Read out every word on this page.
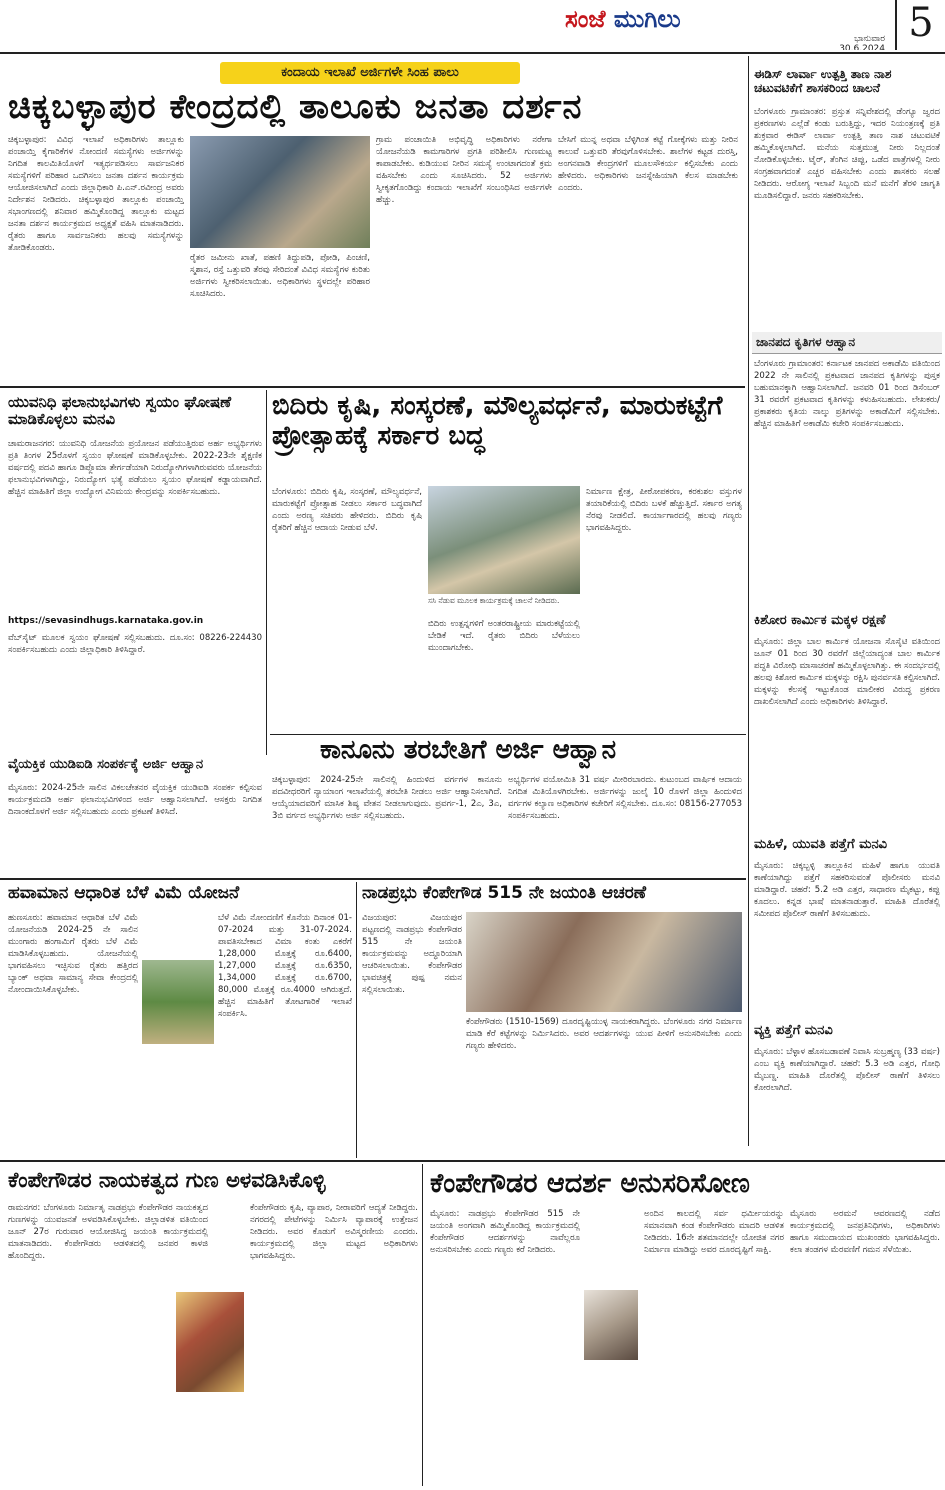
ಸಂಜೆ ಮುಗಿಲು
ಭಾನುವಾರ
30.6.2024
5
ಕಂದಾಯ ಇಲಾಖೆ ಅರ್ಜಿಗಳೇ ಸಿಂಹ ಪಾಲು
ಚಿಕ್ಕಬಳ್ಳಾಪುರ ಕೇಂದ್ರದಲ್ಲಿ ತಾಲೂಕು ಜನತಾ ದರ್ಶನ
ಚಿಕ್ಕಬಳ್ಳಾಪುರ: ವಿವಿಧ ಇಲಾಖೆ ಅಧಿಕಾರಿಗಳು ತಾಲ್ಲೂಕು ಪಂಚಾಯ್ತಿ ಕೈಗಾರಿಕೆಗಳ ನೋಂದಣಿ ಸಮಸ್ಯೆಗಳು ಅರ್ಜಿಗಳನ್ನು ನಿಗದಿತ ಕಾಲಮಿತಿಯೊಳಗೆ ಇತ್ಯರ್ಥಪಡಿಸಲು ಸಾರ್ವಜನಿಕರ ಸಮಸ್ಯೆಗಳಿಗೆ ಪರಿಹಾರ ಒದಗಿಸಲು ಜನತಾ ದರ್ಶನ ಕಾರ್ಯಕ್ರಮ ಆಯೋಜಿಸಲಾಗಿದೆ ಎಂದು ಜಿಲ್ಲಾಧಿಕಾರಿ ಪಿ.ಎನ್.ರವೀಂದ್ರ ಅವರು ನಿರ್ದೇಶನ ನೀಡಿದರು. ಚಿಕ್ಕಬಳ್ಳಾಪುರ ತಾಲ್ಲೂಕು ಪಂಚಾಯ್ತಿ ಸಭಾಂಗಣದಲ್ಲಿ ಶನಿವಾರ ಹಮ್ಮಿಕೊಂಡಿದ್ದ ತಾಲ್ಲೂಕು ಮಟ್ಟದ ಜನತಾ ದರ್ಶನ ಕಾರ್ಯಕ್ರಮದ ಅಧ್ಯಕ್ಷತೆ ವಹಿಸಿ ಮಾತನಾಡಿದರು. ರೈತರು ಹಾಗೂ ಸಾರ್ವಜನಿಕರು ಹಲವು ಸಮಸ್ಯೆಗಳನ್ನು ತೋಡಿಕೊಂಡರು.
ರೈತರ ಜಮೀನು ಖಾತೆ, ಪಹಣಿ ತಿದ್ದುಪಡಿ, ಪೋಡಿ, ಪಿಂಚಣಿ, ಸ್ಮಶಾನ, ರಸ್ತೆ ಒತ್ತುವರಿ ತೆರವು ಸೇರಿದಂತೆ ವಿವಿಧ ಸಮಸ್ಯೆಗಳ ಕುರಿತು ಅರ್ಜಿಗಳು ಸ್ವೀಕರಿಸಲಾಯಿತು. ಅಧಿಕಾರಿಗಳು ಸ್ಥಳದಲ್ಲೇ ಪರಿಹಾರ ಸೂಚಿಸಿದರು.
ಗ್ರಾಮ ಪಂಚಾಯಿತಿ ಅಭಿವೃದ್ಧಿ ಅಧಿಕಾರಿಗಳು ನರೇಗಾ ಯೋಜನೆಯಡಿ ಕಾಮಗಾರಿಗಳ ಪ್ರಗತಿ ಪರಿಶೀಲಿಸಿ ಗುಣಮಟ್ಟ ಕಾಪಾಡಬೇಕು. ಕುಡಿಯುವ ನೀರಿನ ಸಮಸ್ಯೆ ಉಂಟಾಗದಂತೆ ಕ್ರಮ ವಹಿಸಬೇಕು ಎಂದು ಸೂಚಿಸಿದರು. 52 ಅರ್ಜಿಗಳು ಸ್ವೀಕೃತಗೊಂಡಿದ್ದು ಕಂದಾಯ ಇಲಾಖೆಗೆ ಸಂಬಂಧಿಸಿದ ಅರ್ಜಿಗಳೇ ಹೆಚ್ಚು.
ಬೇಸಿಗೆ ಮುನ್ನ ಅಥವಾ ಬೆಳ್ಳಿಗಿಂತ ಕಟ್ಟೆ ಗೋಕ್ಕೆಗಳು ಮತ್ತು ನೀರಿನ ಕಾಲುವೆ ಒತ್ತುವರಿ ತೆರವುಗೊಳಿಸಬೇಕು. ಶಾಲೆಗಳ ಕಟ್ಟಡ ದುರಸ್ತಿ, ಅಂಗನವಾಡಿ ಕೇಂದ್ರಗಳಿಗೆ ಮೂಲಸೌಕರ್ಯ ಕಲ್ಪಿಸಬೇಕು ಎಂದು ಹೇಳಿದರು. ಅಧಿಕಾರಿಗಳು ಜನಸ್ನೇಹಿಯಾಗಿ ಕೆಲಸ ಮಾಡಬೇಕು ಎಂದರು.
ಈಡಿಸ್ ಲಾರ್ವಾ ಉತ್ಪತ್ತಿ ತಾಣ ನಾಶ ಚಟುವಟಿಕೆಗೆ ಶಾಸಕರಿಂದ ಚಾಲನೆ
ಬೆಂಗಳೂರು ಗ್ರಾಮಾಂತರ: ಪ್ರಸ್ತುತ ಸನ್ನಿವೇಶದಲ್ಲಿ ಡೆಂಗ್ಯೂ ಜ್ವರದ ಪ್ರಕರಣಗಳು ಎಲ್ಲೆಡೆ ಕಂಡು ಬರುತ್ತಿದ್ದು, ಇದರ ನಿಯಂತ್ರಣಕ್ಕೆ ಪ್ರತಿ ಶುಕ್ರವಾರ ಈಡಿಸ್ ಲಾರ್ವಾ ಉತ್ಪತ್ತಿ ತಾಣ ನಾಶ ಚಟುವಟಿಕೆ ಹಮ್ಮಿಕೊಳ್ಳಲಾಗಿದೆ. ಮನೆಯ ಸುತ್ತಮುತ್ತ ನೀರು ನಿಲ್ಲದಂತೆ ನೋಡಿಕೊಳ್ಳಬೇಕು. ಟೈರ್, ತೆಂಗಿನ ಚಿಪ್ಪು, ಒಡೆದ ಪಾತ್ರೆಗಳಲ್ಲಿ ನೀರು ಸಂಗ್ರಹವಾಗದಂತೆ ಎಚ್ಚರ ವಹಿಸಬೇಕು ಎಂದು ಶಾಸಕರು ಸಲಹೆ ನೀಡಿದರು. ಆರೋಗ್ಯ ಇಲಾಖೆ ಸಿಬ್ಬಂದಿ ಮನೆ ಮನೆಗೆ ತೆರಳಿ ಜಾಗೃತಿ ಮೂಡಿಸಲಿದ್ದಾರೆ. ಜನರು ಸಹಕರಿಸಬೇಕು.
ಜಾನಪದ ಕೃತಿಗಳ ಆಹ್ವಾನ
ಬೆಂಗಳೂರು ಗ್ರಾಮಾಂತರ: ಕರ್ನಾಟಕ ಜಾನಪದ ಅಕಾಡೆಮಿ ವತಿಯಿಂದ 2022 ನೇ ಸಾಲಿನಲ್ಲಿ ಪ್ರಕಟವಾದ ಜಾನಪದ ಕೃತಿಗಳನ್ನು ಪುಸ್ತಕ ಬಹುಮಾನಕ್ಕಾಗಿ ಆಹ್ವಾನಿಸಲಾಗಿದೆ. ಜನವರಿ 01 ರಿಂದ ಡಿಸೆಂಬರ್ 31 ರವರೆಗೆ ಪ್ರಕಟವಾದ ಕೃತಿಗಳನ್ನು ಕಳುಹಿಸಬಹುದು. ಲೇಖಕರು/ಪ್ರಕಾಶಕರು ಕೃತಿಯ ನಾಲ್ಕು ಪ್ರತಿಗಳನ್ನು ಅಕಾಡೆಮಿಗೆ ಸಲ್ಲಿಸಬೇಕು. ಹೆಚ್ಚಿನ ಮಾಹಿತಿಗೆ ಅಕಾಡೆಮಿ ಕಚೇರಿ ಸಂಪರ್ಕಿಸಬಹುದು.
ಕಿಶೋರ ಕಾರ್ಮಿಕ ಮಕ್ಕಳ ರಕ್ಷಣೆ
ಮೈಸೂರು: ಜಿಲ್ಲಾ ಬಾಲ ಕಾರ್ಮಿಕ ಯೋಜನಾ ಸೊಸೈಟಿ ವತಿಯಿಂದ ಜೂನ್ 01 ರಿಂದ 30 ರವರೆಗೆ ಜಿಲ್ಲೆಯಾದ್ಯಂತ ಬಾಲ ಕಾರ್ಮಿಕ ಪದ್ಧತಿ ವಿರೋಧಿ ಮಾಸಾಚರಣೆ ಹಮ್ಮಿಕೊಳ್ಳಲಾಗಿತ್ತು. ಈ ಸಂದರ್ಭದಲ್ಲಿ ಹಲವು ಕಿಶೋರ ಕಾರ್ಮಿಕ ಮಕ್ಕಳನ್ನು ರಕ್ಷಿಸಿ ಪುನರ್ವಸತಿ ಕಲ್ಪಿಸಲಾಗಿದೆ. ಮಕ್ಕಳನ್ನು ಕೆಲಸಕ್ಕೆ ಇಟ್ಟುಕೊಂಡ ಮಾಲೀಕರ ವಿರುದ್ಧ ಪ್ರಕರಣ ದಾಖಲಿಸಲಾಗಿದೆ ಎಂದು ಅಧಿಕಾರಿಗಳು ತಿಳಿಸಿದ್ದಾರೆ.
ಮಹಿಳೆ, ಯುವತಿ ಪತ್ತೆಗೆ ಮನವಿ
ಮೈಸೂರು: ಚಿಕ್ಕಬ್ಬಳ್ಳಿ ತಾಲ್ಲೂಕಿನ ಮಹಿಳೆ ಹಾಗೂ ಯುವತಿ ಕಾಣೆಯಾಗಿದ್ದು ಪತ್ತೆಗೆ ಸಹಕರಿಸುವಂತೆ ಪೊಲೀಸರು ಮನವಿ ಮಾಡಿದ್ದಾರೆ. ಚಹರೆ: 5.2 ಅಡಿ ಎತ್ತರ, ಸಾಧಾರಣ ಮೈಕಟ್ಟು, ಕಪ್ಪು ಕೂದಲು. ಕನ್ನಡ ಭಾಷೆ ಮಾತನಾಡುತ್ತಾರೆ. ಮಾಹಿತಿ ದೊರೆತಲ್ಲಿ ಸಮೀಪದ ಪೊಲೀಸ್ ಠಾಣೆಗೆ ತಿಳಿಸಬಹುದು.
ವ್ಯಕ್ತಿ ಪತ್ತೆಗೆ ಮನವಿ
ಮೈಸೂರು: ಬೆಳ್ಳಾಳ ಹೊಸಬಡಾವಣೆ ನಿವಾಸಿ ಸುಬ್ರಹ್ಮಣ್ಯ (33 ವರ್ಷ) ಎಂಬ ವ್ಯಕ್ತಿ ಕಾಣೆಯಾಗಿದ್ದಾರೆ. ಚಹರೆ: 5.3 ಅಡಿ ಎತ್ತರ, ಗೋಧಿ ಮೈಬಣ್ಣ. ಮಾಹಿತಿ ದೊರೆತಲ್ಲಿ ಪೊಲೀಸ್ ಠಾಣೆಗೆ ತಿಳಿಸಲು ಕೋರಲಾಗಿದೆ.
ಯುವನಿಧಿ ಫಲಾನುಭವಿಗಳು ಸ್ವಯಂ ಘೋಷಣೆ ಮಾಡಿಕೊಳ್ಳಲು ಮನವಿ
ಚಾಮರಾಜನಗರ: ಯುವನಿಧಿ ಯೋಜನೆಯ ಪ್ರಯೋಜನ ಪಡೆಯುತ್ತಿರುವ ಅರ್ಹ ಅಭ್ಯರ್ಥಿಗಳು ಪ್ರತಿ ತಿಂಗಳ 25ರೊಳಗೆ ಸ್ವಯಂ ಘೋಷಣೆ ಮಾಡಿಕೊಳ್ಳಬೇಕು. 2022-23ನೇ ಶೈಕ್ಷಣಿಕ ವರ್ಷದಲ್ಲಿ ಪದವಿ ಹಾಗೂ ಡಿಪ್ಲೊಮಾ ತೇರ್ಗಡೆಯಾಗಿ ನಿರುದ್ಯೋಗಿಗಳಾಗಿರುವವರು ಯೋಜನೆಯ ಫಲಾನುಭವಿಗಳಾಗಿದ್ದು, ನಿರುದ್ಯೋಗ ಭತ್ಯೆ ಪಡೆಯಲು ಸ್ವಯಂ ಘೋಷಣೆ ಕಡ್ಡಾಯವಾಗಿದೆ. ಹೆಚ್ಚಿನ ಮಾಹಿತಿಗೆ ಜಿಲ್ಲಾ ಉದ್ಯೋಗ ವಿನಿಮಯ ಕೇಂದ್ರವನ್ನು ಸಂಪರ್ಕಿಸಬಹುದು.
https://sevasindhugs.karnataka.gov.in
ವೆಬ್‌ಸೈಟ್ ಮೂಲಕ ಸ್ವಯಂ ಘೋಷಣೆ ಸಲ್ಲಿಸಬಹುದು. ದೂ.ಸಂ: 08226-224430 ಸಂಪರ್ಕಿಸಬಹುದು ಎಂದು ಜಿಲ್ಲಾಧಿಕಾರಿ ತಿಳಿಸಿದ್ದಾರೆ.
ವೈಯಕ್ತಿಕ ಯುಡಿಐಡಿ ಸಂಪರ್ಕಕ್ಕೆ ಅರ್ಜಿ ಆಹ್ವಾನ
ಮೈಸೂರು: 2024-25ನೇ ಸಾಲಿನ ವಿಕಲಚೇತನರ ವೈಯಕ್ತಿಕ ಯುಡಿಐಡಿ ಸಂಪರ್ಕ ಕಲ್ಪಿಸುವ ಕಾರ್ಯಕ್ರಮದಡಿ ಅರ್ಹ ಫಲಾನುಭವಿಗಳಿಂದ ಅರ್ಜಿ ಆಹ್ವಾನಿಸಲಾಗಿದೆ. ಆಸಕ್ತರು ನಿಗದಿತ ದಿನಾಂಕದೊಳಗೆ ಅರ್ಜಿ ಸಲ್ಲಿಸಬಹುದು ಎಂದು ಪ್ರಕಟಣೆ ತಿಳಿಸಿದೆ.
ಬಿದಿರು ಕೃಷಿ, ಸಂಸ್ಕರಣೆ, ಮೌಲ್ಯವರ್ಧನೆ, ಮಾರುಕಟ್ಟೆಗೆ ಪ್ರೋತ್ಸಾಹಕ್ಕೆ ಸರ್ಕಾರ ಬದ್ಧ
ಬೆಂಗಳೂರು: ಬಿದಿರು ಕೃಷಿ, ಸಂಸ್ಕರಣೆ, ಮೌಲ್ಯವರ್ಧನೆ, ಮಾರುಕಟ್ಟೆಗೆ ಪ್ರೋತ್ಸಾಹ ನೀಡಲು ಸರ್ಕಾರ ಬದ್ಧವಾಗಿದೆ ಎಂದು ಅರಣ್ಯ ಸಚಿವರು ಹೇಳಿದರು. ಬಿದಿರು ಕೃಷಿ ರೈತರಿಗೆ ಹೆಚ್ಚಿನ ಆದಾಯ ನೀಡುವ ಬೆಳೆ.
ಸಸಿ ನೆಡುವ ಮೂಲಕ ಕಾರ್ಯಕ್ರಮಕ್ಕೆ ಚಾಲನೆ ನೀಡಿದರು.
ಬಿದಿರು ಉತ್ಪನ್ನಗಳಿಗೆ ಅಂತರರಾಷ್ಟ್ರೀಯ ಮಾರುಕಟ್ಟೆಯಲ್ಲಿ ಬೇಡಿಕೆ ಇದೆ. ರೈತರು ಬಿದಿರು ಬೆಳೆಯಲು ಮುಂದಾಗಬೇಕು.
ನಿರ್ಮಾಣ ಕ್ಷೇತ್ರ, ಪೀಠೋಪಕರಣ, ಕರಕುಶಲ ವಸ್ತುಗಳ ತಯಾರಿಕೆಯಲ್ಲಿ ಬಿದಿರು ಬಳಕೆ ಹೆಚ್ಚುತ್ತಿದೆ. ಸರ್ಕಾರ ಅಗತ್ಯ ನೆರವು ನೀಡಲಿದೆ. ಕಾರ್ಯಾಗಾರದಲ್ಲಿ ಹಲವು ಗಣ್ಯರು ಭಾಗವಹಿಸಿದ್ದರು.
ಕಾನೂನು ತರಬೇತಿಗೆ ಅರ್ಜಿ ಆಹ್ವಾನ
ಚಿಕ್ಕಬಳ್ಳಾಪುರ: 2024-25ನೇ ಸಾಲಿನಲ್ಲಿ ಹಿಂದುಳಿದ ವರ್ಗಗಳ ಕಾನೂನು ಪದವೀಧರರಿಗೆ ನ್ಯಾಯಾಂಗ ಇಲಾಖೆಯಲ್ಲಿ ತರಬೇತಿ ನೀಡಲು ಅರ್ಜಿ ಆಹ್ವಾನಿಸಲಾಗಿದೆ. ಆಯ್ಕೆಯಾದವರಿಗೆ ಮಾಸಿಕ ಶಿಷ್ಯ ವೇತನ ನೀಡಲಾಗುವುದು. ಪ್ರವರ್ಗ-1, 2ಎ, 3ಎ, 3ಬಿ ವರ್ಗದ ಅಭ್ಯರ್ಥಿಗಳು ಅರ್ಜಿ ಸಲ್ಲಿಸಬಹುದು.
ಅಭ್ಯರ್ಥಿಗಳ ವಯೋಮಿತಿ 31 ವರ್ಷ ಮೀರಿರಬಾರದು. ಕುಟುಂಬದ ವಾರ್ಷಿಕ ಆದಾಯ ನಿಗದಿತ ಮಿತಿಯೊಳಗಿರಬೇಕು. ಅರ್ಜಿಗಳನ್ನು ಜುಲೈ 10 ರೊಳಗೆ ಜಿಲ್ಲಾ ಹಿಂದುಳಿದ ವರ್ಗಗಳ ಕಲ್ಯಾಣ ಅಧಿಕಾರಿಗಳ ಕಚೇರಿಗೆ ಸಲ್ಲಿಸಬೇಕು. ದೂ.ಸಂ: 08156-277053 ಸಂಪರ್ಕಿಸಬಹುದು.
ಹವಾಮಾನ ಆಧಾರಿತ ಬೆಳೆ ವಿಮೆ ಯೋಜನೆ
ಹುಣಸೂರು: ಹವಾಮಾನ ಆಧಾರಿತ ಬೆಳೆ ವಿಮೆ ಯೋಜನೆಯಡಿ 2024-25 ನೇ ಸಾಲಿನ ಮುಂಗಾರು ಹಂಗಾಮಿಗೆ ರೈತರು ಬೆಳೆ ವಿಮೆ ಮಾಡಿಸಿಕೊಳ್ಳಬಹುದು. ಯೋಜನೆಯಲ್ಲಿ ಭಾಗವಹಿಸಲು ಇಚ್ಛಿಸುವ ರೈತರು ಹತ್ತಿರದ ಬ್ಯಾಂಕ್ ಅಥವಾ ಸಾಮಾನ್ಯ ಸೇವಾ ಕೇಂದ್ರದಲ್ಲಿ ನೋಂದಾಯಿಸಿಕೊಳ್ಳಬೇಕು.
ಬೆಳೆ ವಿಮೆ ನೋಂದಣಿಗೆ ಕೊನೆಯ ದಿನಾಂಕ 01-07-2024 ಮತ್ತು 31-07-2024. ಪಾವತಿಸಬೇಕಾದ ವಿಮಾ ಕಂತು ಎಕರೆಗೆ 1,28,000 ಮೊತ್ತಕ್ಕೆ ರೂ.6400, 1,27,000 ಮೊತ್ತಕ್ಕೆ ರೂ.6350, 1,34,000 ಮೊತ್ತಕ್ಕೆ ರೂ.6700, 80,000 ಮೊತ್ತಕ್ಕೆ ರೂ.4000 ಆಗಿರುತ್ತದೆ. ಹೆಚ್ಚಿನ ಮಾಹಿತಿಗೆ ತೋಟಗಾರಿಕೆ ಇಲಾಖೆ ಸಂಪರ್ಕಿಸಿ.
ನಾಡಪ್ರಭು ಕೆಂಪೇಗೌಡ 515 ನೇ ಜಯಂತಿ ಆಚರಣೆ
ವಿಜಯಪುರ: ವಿಜಯಪುರ ಪಟ್ಟಣದಲ್ಲಿ ನಾಡಪ್ರಭು ಕೆಂಪೇಗೌಡರ 515 ನೇ ಜಯಂತಿ ಕಾರ್ಯಕ್ರಮವನ್ನು ಅದ್ಧೂರಿಯಾಗಿ ಆಚರಿಸಲಾಯಿತು. ಕೆಂಪೇಗೌಡರ ಭಾವಚಿತ್ರಕ್ಕೆ ಪುಷ್ಪ ನಮನ ಸಲ್ಲಿಸಲಾಯಿತು.
ಕೆಂಪೇಗೌಡರು (1510-1569) ದೂರದೃಷ್ಟಿಯುಳ್ಳ ನಾಯಕರಾಗಿದ್ದರು. ಬೆಂಗಳೂರು ನಗರ ನಿರ್ಮಾಣ ಮಾಡಿ ಕೆರೆ ಕಟ್ಟೆಗಳನ್ನು ನಿರ್ಮಿಸಿದರು. ಅವರ ಆದರ್ಶಗಳನ್ನು ಯುವ ಪೀಳಿಗೆ ಅನುಸರಿಸಬೇಕು ಎಂದು ಗಣ್ಯರು ಹೇಳಿದರು.
ಕೆಂಪೇಗೌಡರ ನಾಯಕತ್ವದ ಗುಣ ಅಳವಡಿಸಿಕೊಳ್ಳಿ
ರಾಮನಗರ: ಬೆಂಗಳೂರು ನಿರ್ಮಾತೃ ನಾಡಪ್ರಭು ಕೆಂಪೇಗೌಡರ ನಾಯಕತ್ವದ ಗುಣಗಳನ್ನು ಯುವಜನತೆ ಅಳವಡಿಸಿಕೊಳ್ಳಬೇಕು. ಜಿಲ್ಲಾಡಳಿತ ವತಿಯಿಂದ ಜೂನ್ 27ರ ಗುರುವಾರ ಆಯೋಜಿಸಿದ್ದ ಜಯಂತಿ ಕಾರ್ಯಕ್ರಮದಲ್ಲಿ ಮಾತನಾಡಿದರು. ಕೆಂಪೇಗೌಡರು ಆಡಳಿತದಲ್ಲಿ ಜನಪರ ಕಾಳಜಿ ಹೊಂದಿದ್ದರು.
ಕೆಂಪೇಗೌಡರು ಕೃಷಿ, ವ್ಯಾಪಾರ, ನೀರಾವರಿಗೆ ಆದ್ಯತೆ ನೀಡಿದ್ದರು. ನಗರದಲ್ಲಿ ಪೇಟೆಗಳನ್ನು ನಿರ್ಮಿಸಿ ವ್ಯಾಪಾರಕ್ಕೆ ಉತ್ತೇಜನ ನೀಡಿದರು. ಅವರ ಕೊಡುಗೆ ಅವಿಸ್ಮರಣೀಯ ಎಂದರು. ಕಾರ್ಯಕ್ರಮದಲ್ಲಿ ಜಿಲ್ಲಾ ಮಟ್ಟದ ಅಧಿಕಾರಿಗಳು ಭಾಗವಹಿಸಿದ್ದರು.
ಕೆಂಪೇಗೌಡರ ಆದರ್ಶ ಅನುಸರಿಸೋಣ
ಮೈಸೂರು: ನಾಡಪ್ರಭು ಕೆಂಪೇಗೌಡರ 515 ನೇ ಜಯಂತಿ ಅಂಗವಾಗಿ ಹಮ್ಮಿಕೊಂಡಿದ್ದ ಕಾರ್ಯಕ್ರಮದಲ್ಲಿ ಕೆಂಪೇಗೌಡರ ಆದರ್ಶಗಳನ್ನು ನಾವೆಲ್ಲರೂ ಅನುಸರಿಸಬೇಕು ಎಂದು ಗಣ್ಯರು ಕರೆ ನೀಡಿದರು.
ಅಂದಿನ ಕಾಲದಲ್ಲಿ ಸರ್ವ ಧರ್ಮೀಯರನ್ನು ಸಮಾನವಾಗಿ ಕಂಡ ಕೆಂಪೇಗೌಡರು ಮಾದರಿ ಆಡಳಿತ ನೀಡಿದರು. 16ನೇ ಶತಮಾನದಲ್ಲೇ ಯೋಜಿತ ನಗರ ನಿರ್ಮಾಣ ಮಾಡಿದ್ದು ಅವರ ದೂರದೃಷ್ಟಿಗೆ ಸಾಕ್ಷಿ.
ಮೈಸೂರು ಅರಮನೆ ಆವರಣದಲ್ಲಿ ನಡೆದ ಕಾರ್ಯಕ್ರಮದಲ್ಲಿ ಜನಪ್ರತಿನಿಧಿಗಳು, ಅಧಿಕಾರಿಗಳು ಹಾಗೂ ಸಮುದಾಯದ ಮುಖಂಡರು ಭಾಗವಹಿಸಿದ್ದರು. ಕಲಾ ತಂಡಗಳ ಮೆರವಣಿಗೆ ಗಮನ ಸೆಳೆಯಿತು.
